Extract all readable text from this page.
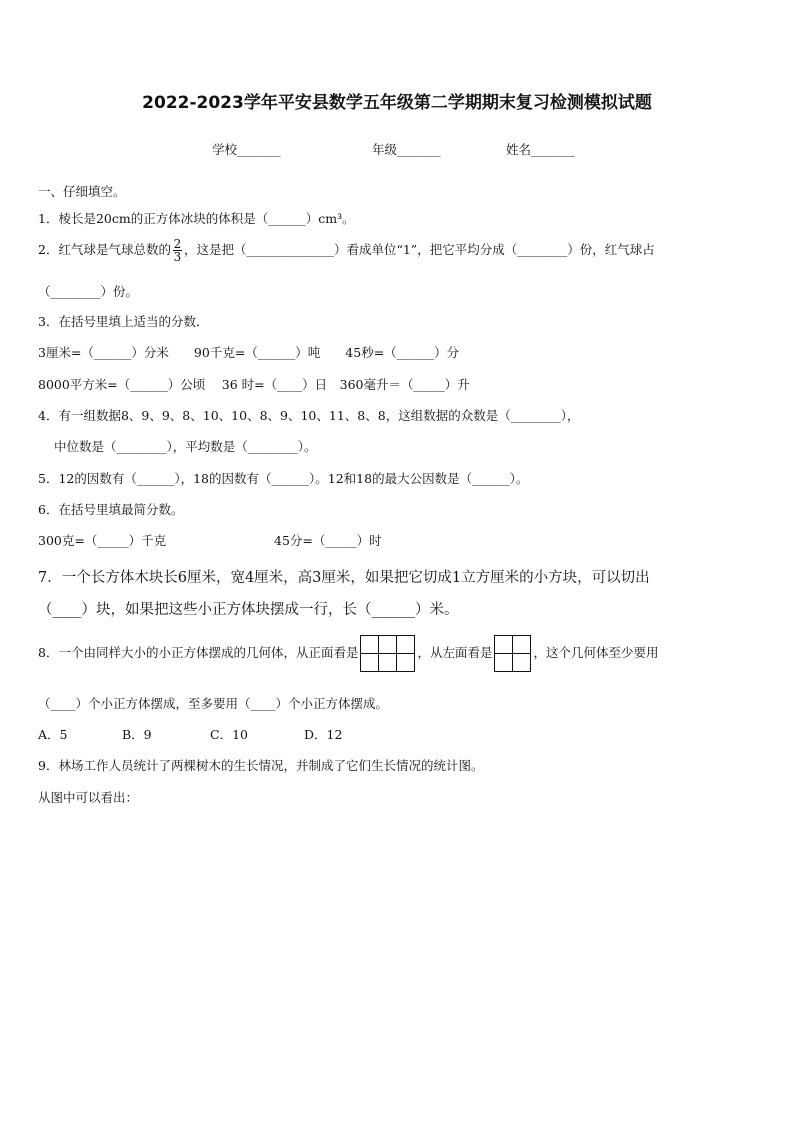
2022-2023学年平安县数学五年级第二学期期末复习检测模拟试题
学校_______	年级_______	姓名_______
一、仔细填空。
1．棱长是20cm的正方体冰块的体积是（______）cm³。
2．红气球是气球总数的 $\frac{2}{3}$ ，这是把（______________）看成单位“1”，把它平均分成（________）份，红气球占
（________）份。
3．在括号里填上适当的分数．
3厘米=（______）分米　　90千克=（______）吨　　45秒=（______）分
8000平方米=（______）公顷　 36 时=（____）日　360毫升＝（_____）升
4．有一组数据8、9、9、8、10、10、8、9、10、11、8、8，这组数据的众数是（________），
中位数是（________），平均数是（________）。
5．12的因数有（______），18的因数有（______）。12和18的最大公因数是（______）。
6．在括号里填最简分数。
300克=（_____）千克	45分=（_____）时
7．一个长方体木块长6厘米，宽4厘米，高3厘米，如果把它切成1立方厘米的小方块，可以切出
（____）块，如果把这些小正方体块摆成一行，长（______）米。
8．一个由同样大小的小正方体摆成的几何体，从正面看是		
			，从左面看是	
		，这个几何体至少要用
（____）个小正方体摆成，至多要用（____）个小正方体摆成。
A．5	B．9	C．10	D．12
9．林场工作人员统计了两棵树木的生长情况，并制成了它们生长情况的统计图。
从图中可以看出：
